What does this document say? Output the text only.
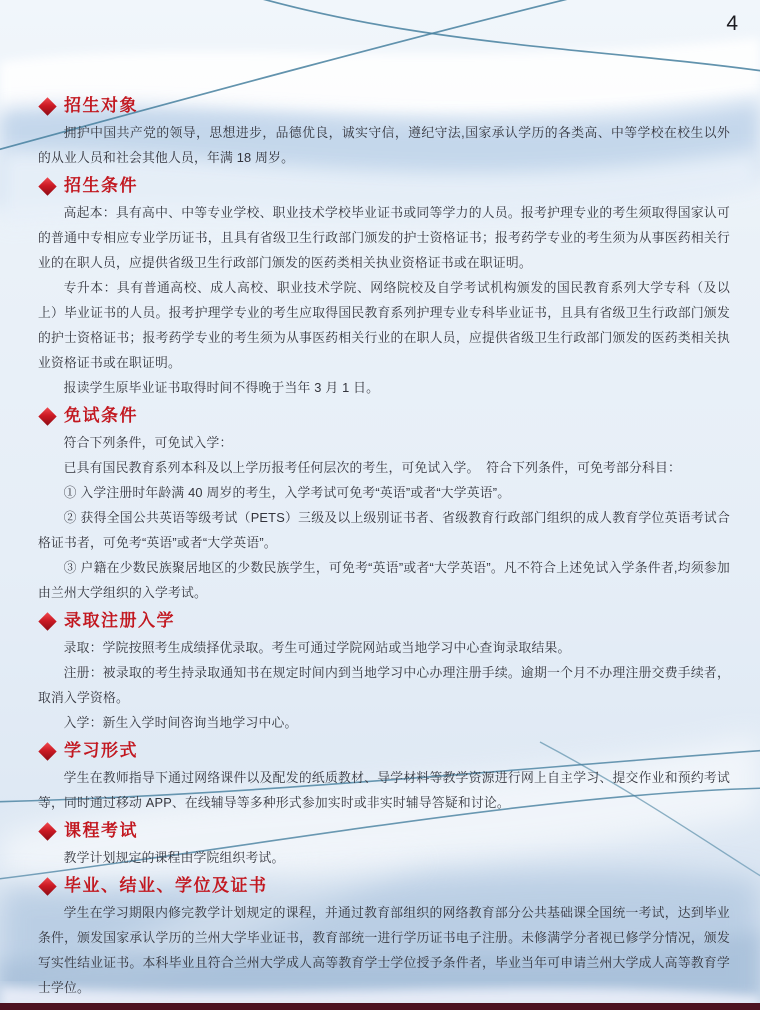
4
招生对象

拥护中国共产党的领导，思想进步，品德优良，诚实守信，遵纪守法,国家承认学历的各类高、中等学校在校生以外的从业人员和社会其他人员，年满 18 周岁。

招生条件

高起本：具有高中、中等专业学校、职业技术学校毕业证书或同等学力的人员。报考护理专业的考生须取得国家认可的普通中专相应专业学历证书，且具有省级卫生行政部门颁发的护士资格证书；报考药学专业的考生须为从事医药相关行业的在职人员，应提供省级卫生行政部门颁发的医药类相关执业资格证书或在职证明。

专升本：具有普通高校、成人高校、职业技术学院、网络院校及自学考试机构颁发的国民教育系列大学专科（及以上）毕业证书的人员。报考护理学专业的考生应取得国民教育系列护理专业专科毕业证书，且具有省级卫生行政部门颁发的护士资格证书；报考药学专业的考生须为从事医药相关行业的在职人员，应提供省级卫生行政部门颁发的医药类相关执业资格证书或在职证明。

报读学生原毕业证书取得时间不得晚于当年 3 月 1 日。

免试条件

符合下列条件，可免试入学：

已具有国民教育系列本科及以上学历报考任何层次的考生，可免试入学。　符合下列条件，可免考部分科目：

① 入学注册时年龄满 40 周岁的考生，入学考试可免考“英语”或者“大学英语”。

② 获得全国公共英语等级考试（PETS）三级及以上级别证书者、省级教育行政部门组织的成人教育学位英语考试合格证书者，可免考“英语”或者“大学英语”。

③ 户籍在少数民族聚居地区的少数民族学生，可免考“英语”或者“大学英语”。凡不符合上述免试入学条件者,均须参加由兰州大学组织的入学考试。

录取注册入学

录取：学院按照考生成绩择优录取。考生可通过学院网站或当地学习中心查询录取结果。

注册：被录取的考生持录取通知书在规定时间内到当地学习中心办理注册手续。逾期一个月不办理注册交费手续者，取消入学资格。

入学：新生入学时间咨询当地学习中心。

学习形式

学生在教师指导下通过网络课件以及配发的纸质教材、导学材料等教学资源进行网上自主学习、提交作业和预约考试等，同时通过移动 APP、在线辅导等多种形式参加实时或非实时辅导答疑和讨论。

课程考试

教学计划规定的课程由学院组织考试。

毕业、结业、学位及证书

学生在学习期限内修完教学计划规定的课程，并通过教育部组织的网络教育部分公共基础课全国统一考试，达到毕业条件，颁发国家承认学历的兰州大学毕业证书，教育部统一进行学历证书电子注册。未修满学分者视已修学分情况，颁发写实性结业证书。本科毕业且符合兰州大学成人高等教育学士学位授予条件者，毕业当年可申请兰州大学成人高等教育学士学位。
